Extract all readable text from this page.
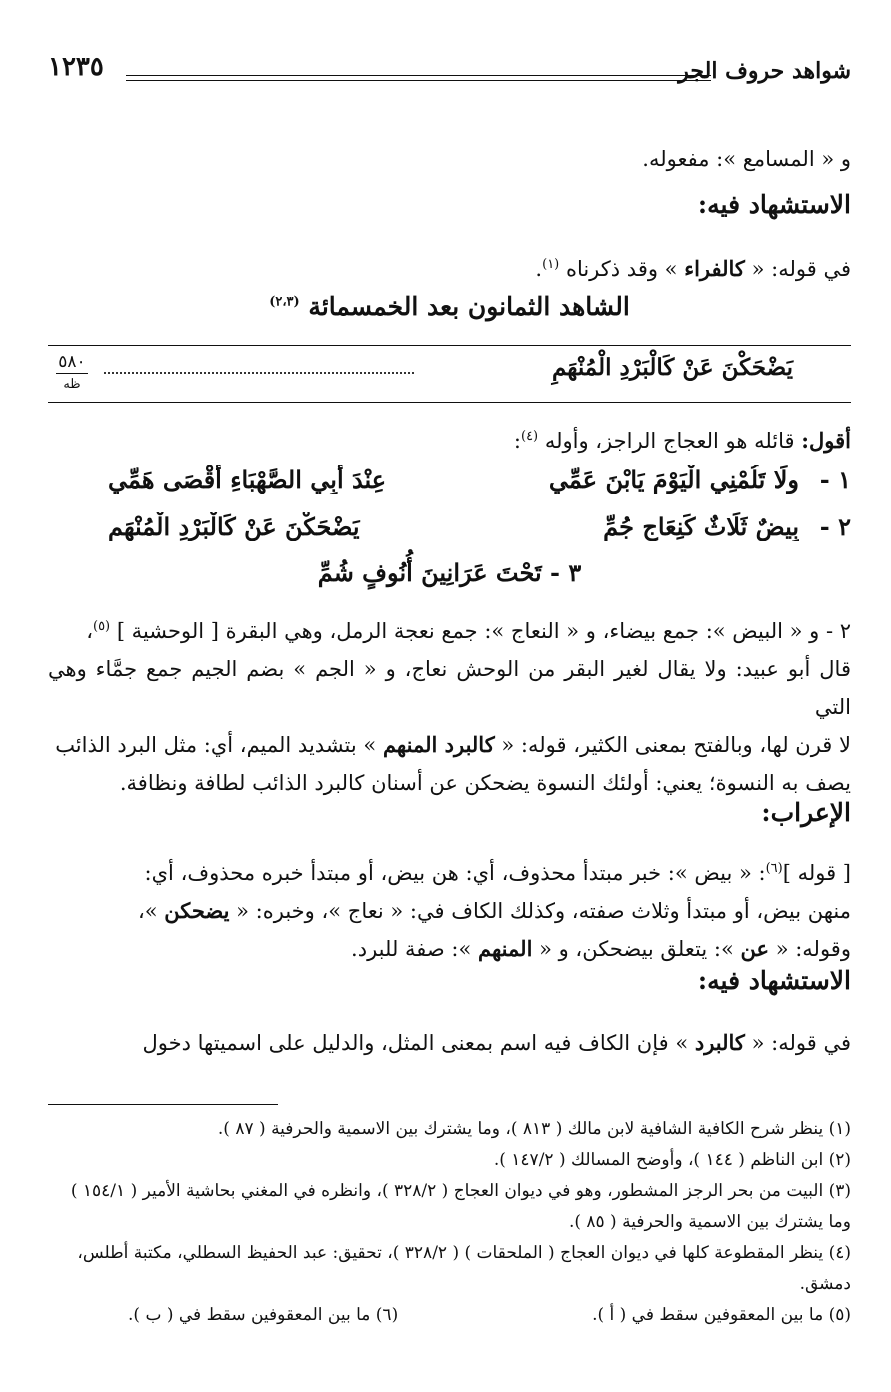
شواهد حروف الجر
١٢٣٥
و « المسامع »: مفعوله.
الاستشهاد فيه:
في قوله: « كالفراء » وقد ذكرناه $^{(١)}$.
الشاهد الثمانون بعد الخمسمائة $^{(٢،٣)}$
يَضْحَكْنَ عَنْ كَالْبَرْدِ الْمُنْهَمِ
٥٨٠
ظه
أقول: قائله هو العجاج الراجز، وأوله $^{(٤)}$:
١ -
ولَا تَلُمْنِي الْيَوْمَ يَابْنَ عَمِّي
عِنْدَ أَبِي الصَّهْبَاءِ أَقْصَى هَمِّي
٢ -
بِيضٌ ثَلَاثٌ كَنِعَاجٍ جُمِّ
يَضْحَكْنَ عَنْ كَالْبَرْدِ الْمُنْهَمِ
٣ - تَحْتَ عَرَانِينَ أُنُوفٍ شُمِّ
٢ - و « البيض »: جمع بيضاء، و « النعاج »: جمع نعجة الرمل، وهي البقرة [ الوحشية ] $^{(٥)}$،
قال أبو عبيد: ولا يقال لغير البقر من الوحش نعاج، و « الجم » بضم الجيم جمع جمَّاء وهي التي
لا قرن لها، وبالفتح بمعنى الكثير، قوله: « كالبرد المنهم » بتشديد الميم، أي: مثل البرد الذائب
يصف به النسوة؛ يعني: أولئك النسوة يضحكن عن أسنان كالبرد الذائب لطافة ونظافة.
الإعراب:
[ قوله ]$^{(٦)}$: « بيض »: خبر مبتدأ محذوف، أي: هن بيض، أو مبتدأ خبره محذوف، أي:
منهن بيض، أو مبتدأ وثلاث صفته، وكذلك الكاف في: « نعاج »، وخبره: « يضحكن »،
وقوله: « عن »: يتعلق بيضحكن، و « المنهم »: صفة للبرد.
الاستشهاد فيه:
في قوله: « كالبرد » فإن الكاف فيه اسم بمعنى المثل، والدليل على اسميتها دخول
(١) ينظر شرح الكافية الشافية لابن مالك ( ٨١٣ )، وما يشترك بين الاسمية والحرفية ( ٨٧ ).
(٢) ابن الناظم ( ١٤٤ )، وأوضح المسالك ( ١٤٧/٢ ).
(٣) البيت من بحر الرجز المشطور، وهو في ديوان العجاج ( ٣٢٨/٢ )، وانظره في المغني بحاشية الأمير ( ١٥٤/١ )
وما يشترك بين الاسمية والحرفية ( ٨٥ ).
(٤) ينظر المقطوعة كلها في ديوان العجاج ( الملحقات ) ( ٣٢٨/٢ )، تحقيق: عبد الحفيظ السطلي، مكتبة أطلس،
دمشق.
(٥) ما بين المعقوفين سقط في ( أ ).
(٦) ما بين المعقوفين سقط في ( ب ).
